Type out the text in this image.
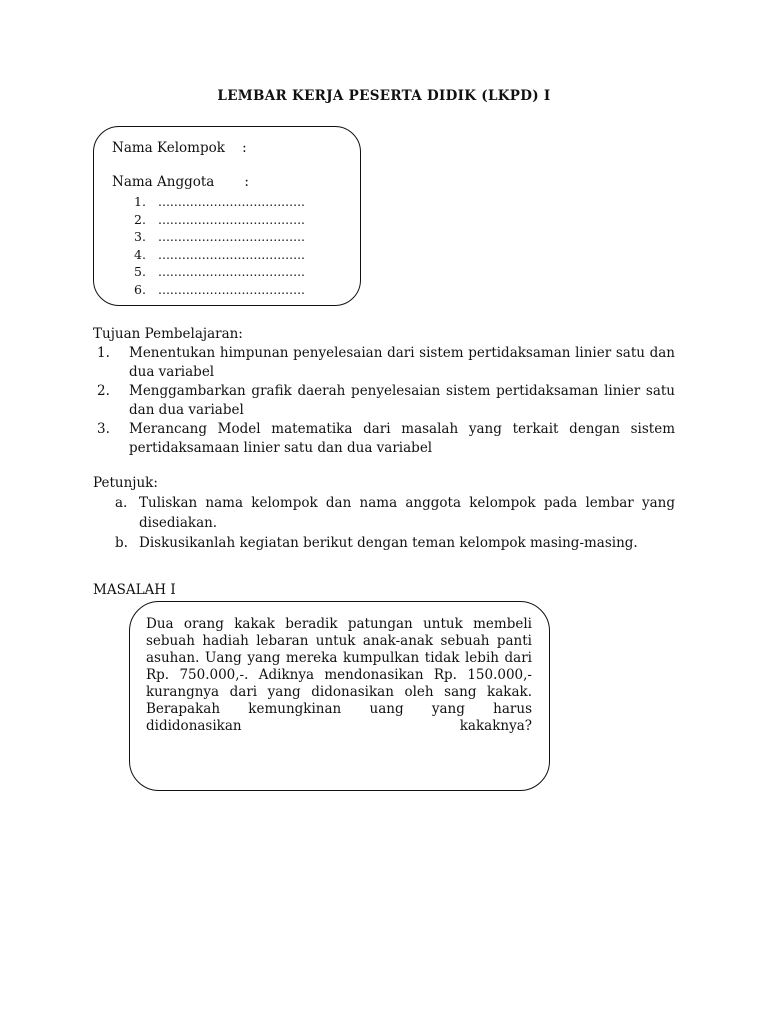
LEMBAR KERJA PESERTA DIDIK (LKPD) I
Nama Kelompok    :
Nama Anggota       :
1. .....................................
2. .....................................
3. .....................................
4. .....................................
5. .....................................
6. .....................................
Tujuan Pembelajaran:
1. Menentukan himpunan penyelesaian dari sistem pertidaksaman linier satu dan dua variabel
2. Menggambarkan grafik daerah penyelesaian sistem pertidaksaman linier satu dan dua variabel
3. Merancang Model matematika dari masalah yang terkait dengan sistem pertidaksamaan linier satu dan dua variabel
Petunjuk:
a. Tuliskan nama kelompok dan nama anggota kelompok pada lembar yang disediakan.
b. Diskusikanlah kegiatan berikut dengan teman kelompok masing-masing.
MASALAH I

Dua orang kakak beradik patungan untuk membeli sebuah hadiah lebaran untuk anak-anak sebuah panti asuhan. Uang yang mereka kumpulkan tidak lebih dari Rp. 750.000,-. Adiknya mendonasikan Rp. 150.000,- kurangnya dari yang didonasikan oleh sang kakak. Berapakah kemungkinan uang yang harus dididonasikan kakaknya?
